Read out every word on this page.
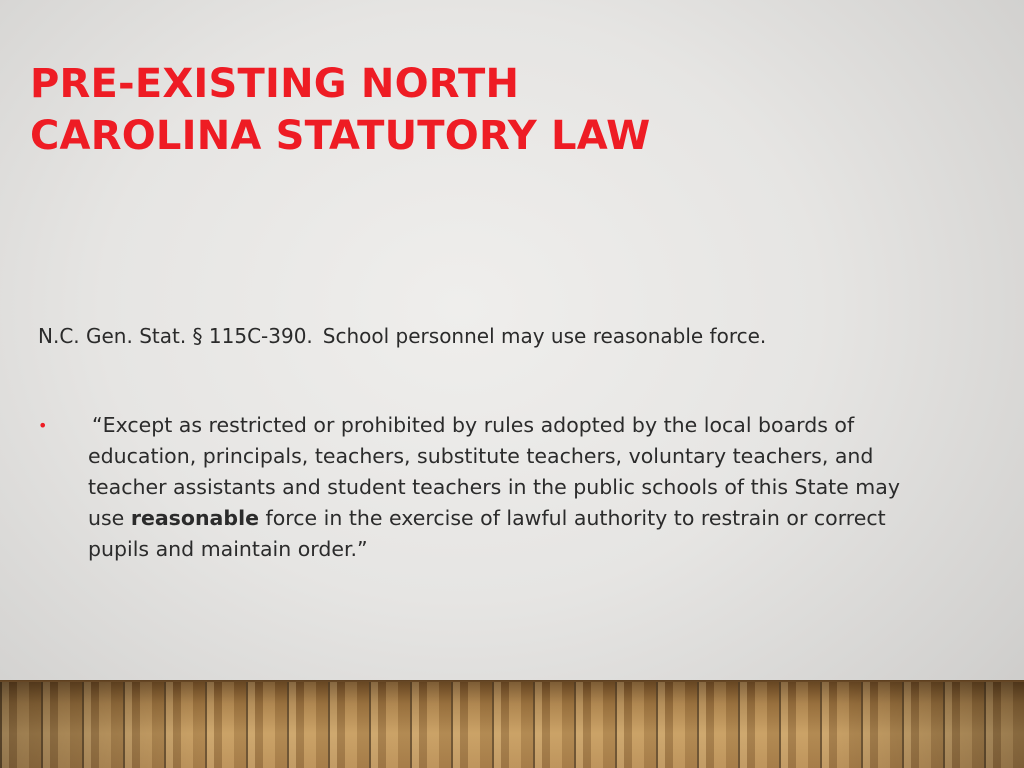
PRE-EXISTING NORTH
CAROLINA STATUTORY LAW

N.C. Gen. Stat. § 115C-390. School personnel may use reasonable force.

• “Except as restricted or prohibited by rules adopted by the local boards of education, principals, teachers, substitute teachers, voluntary teachers, and teacher assistants and student teachers in the public schools of this State may use reasonable force in the exercise of lawful authority to restrain or correct pupils and maintain order.”
